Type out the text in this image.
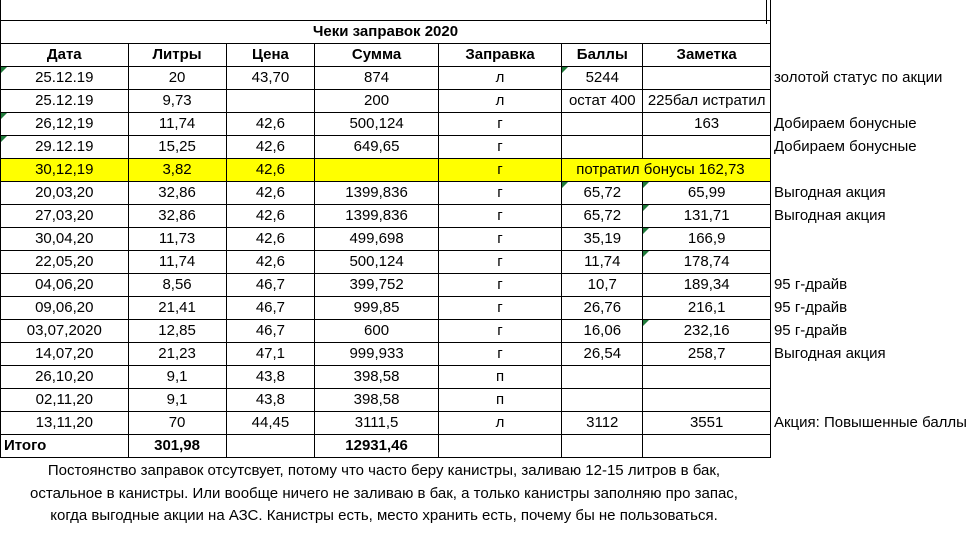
Чеки заправок 2020							
Дата	Литры	Цена	Сумма	Заправка	Баллы	Заметка	
25.12.19	20	43,70	874	л	5244		золотой статус по акции
25.12.19	9,73		200	л	остат 400	225бал истратил	
26,12,19	11,74	42,6	500,124	г		163	Добираем бонусные
29.12.19	15,25	42,6	649,65	г			Добираем бонусные
30,12,19	3,82	42,6		г	потратил бонусы 162,73		
20,03,20	32,86	42,6	1399,836	г	65,72	65,99	Выгодная акция
27,03,20	32,86	42,6	1399,836	г	65,72	131,71	Выгодная акция
30,04,20	11,73	42,6	499,698	г	35,19	166,9	
22,05,20	11,74	42,6	500,124	г	11,74	178,74	
04,06,20	8,56	46,7	399,752	г	10,7	189,34	95 г-драйв
09,06,20	21,41	46,7	999,85	г	26,76	216,1	95 г-драйв
03,07,2020	12,85	46,7	600	г	16,06	232,16	95 г-драйв
14,07,20	21,23	47,1	999,933	г	26,54	258,7	Выгодная акция
26,10,20	9,1	43,8	398,58	п			
02,11,20	9,1	43,8	398,58	п			
13,11,20	70	44,45	3111,5	л	3112	3551	Акция: Повышенные баллы
Итого	301,98		12931,46				
Постоянство заправок отсутсвует, потому что часто беру канистры, заливаю 12-15 литров в бак,
остальное в канистры. Или вообще ничего не заливаю в бак, а только канистры заполняю про запас,
когда выгодные акции на АЗС. Канистры есть, место хранить есть, почему бы не пользоваться.
